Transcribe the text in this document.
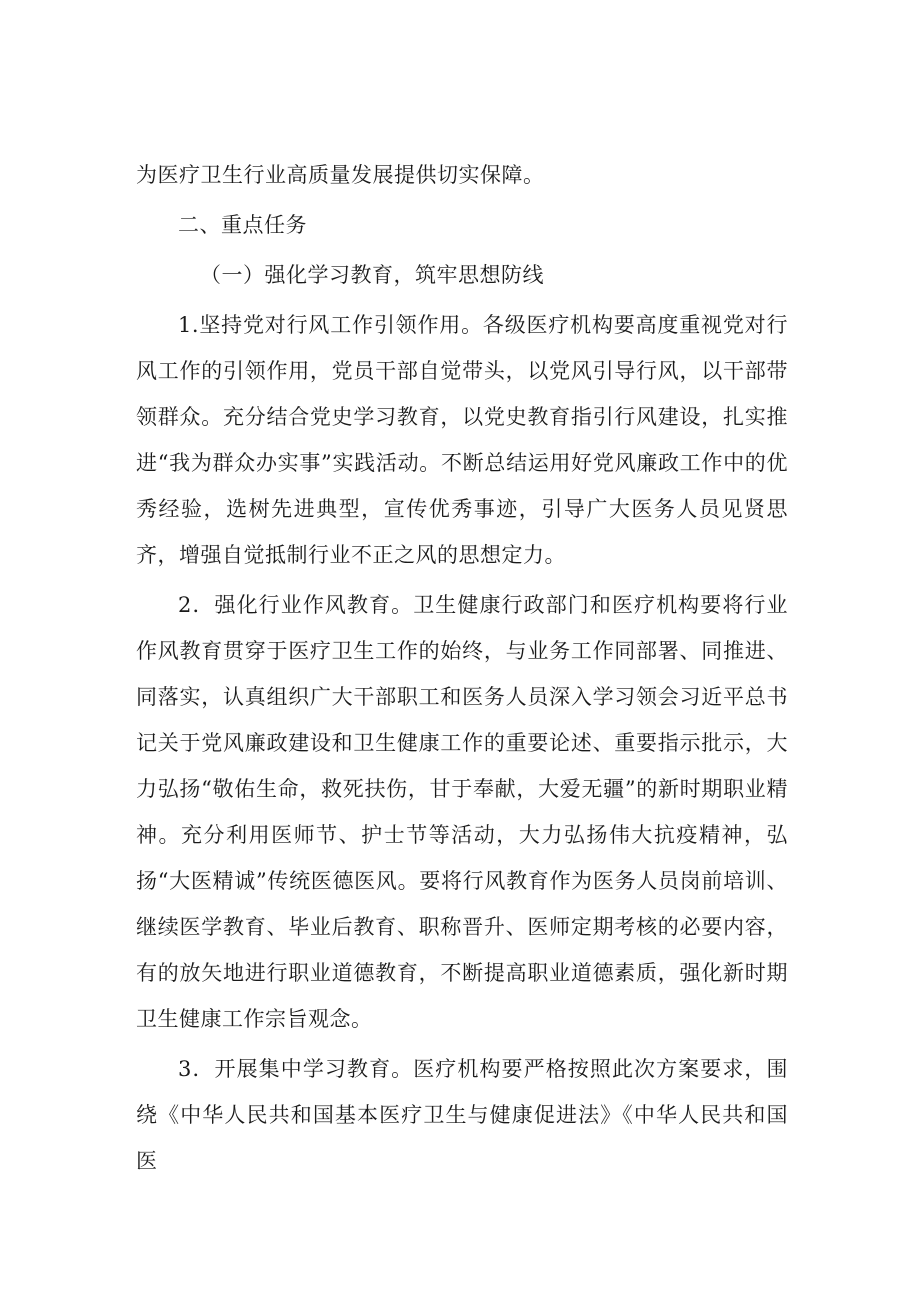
为医疗卫生行业高质量发展提供切实保障。

二、重点任务

（一）强化学习教育，筑牢思想防线

1.坚持党对行风工作引领作用。各级医疗机构要高度重视党对行风工作的引领作用，党员干部自觉带头，以党风引导行风，以干部带领群众。充分结合党史学习教育，以党史教育指引行风建设，扎实推进“我为群众办实事”实践活动。不断总结运用好党风廉政工作中的优秀经验，选树先进典型，宣传优秀事迹，引导广大医务人员见贤思齐，增强自觉抵制行业不正之风的思想定力。

2．强化行业作风教育。卫生健康行政部门和医疗机构要将行业作风教育贯穿于医疗卫生工作的始终，与业务工作同部署、同推进、同落实，认真组织广大干部职工和医务人员深入学习领会习近平总书记关于党风廉政建设和卫生健康工作的重要论述、重要指示批示，大力弘扬“敬佑生命，救死扶伤，甘于奉献，大爱无疆”的新时期职业精神。充分利用医师节、护士节等活动，大力弘扬伟大抗疫精神，弘扬“大医精诚”传统医德医风。要将行风教育作为医务人员岗前培训、继续医学教育、毕业后教育、职称晋升、医师定期考核的必要内容，有的放矢地进行职业道德教育，不断提高职业道德素质，强化新时期卫生健康工作宗旨观念。

3．开展集中学习教育。医疗机构要严格按照此次方案要求，围绕《中华人民共和国基本医疗卫生与健康促进法》《中华人民共和国医
